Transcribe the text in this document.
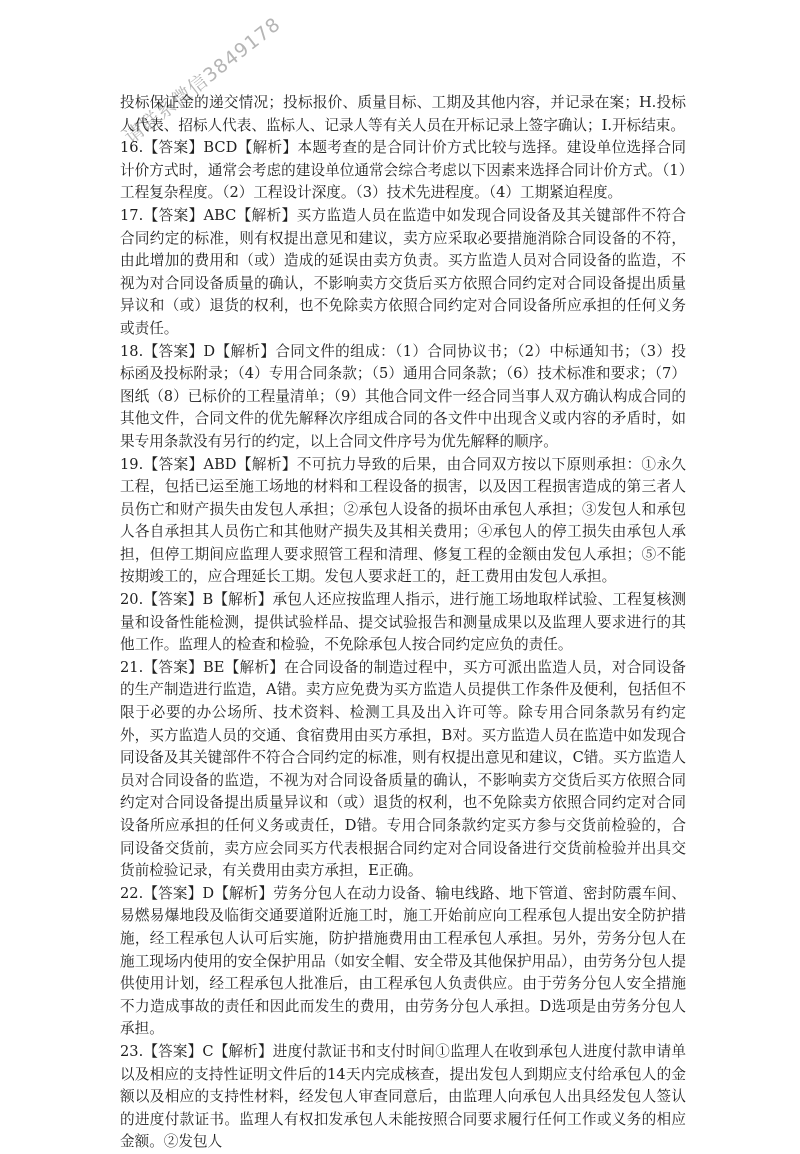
请联系微信3849178

投标保证金的递交情况；投标报价、质量目标、工期及其他内容，并记录在案；H.投标人代表、招标人代表、监标人、记录人等有关人员在开标记录上签字确认；I.开标结束。

16.【答案】BCD【解析】本题考查的是合同计价方式比较与选择。建设单位选择合同计价方式时，通常会考虑的建设单位通常会综合考虑以下因素来选择合同计价方式。（1）工程复杂程度。（2）工程设计深度。（3）技术先进程度。（4）工期紧迫程度。

17.【答案】ABC【解析】买方监造人员在监造中如发现合同设备及其关键部件不符合合同约定的标准，则有权提出意见和建议，卖方应采取必要措施消除合同设备的不符，由此增加的费用和（或）造成的延误由卖方负责。买方监造人员对合同设备的监造，不视为对合同设备质量的确认，不影响卖方交货后买方依照合同约定对合同设备提出质量异议和（或）退货的权利，也不免除卖方依照合同约定对合同设备所应承担的任何义务或责任。

18.【答案】D【解析】合同文件的组成：（1）合同协议书；（2）中标通知书；（3）投标函及投标附录；（4）专用合同条款；（5）通用合同条款；（6）技术标准和要求；（7）图纸（8）已标价的工程量清单；（9）其他合同文件一经合同当事人双方确认构成合同的其他文件，合同文件的优先解释次序组成合同的各文件中出现含义或内容的矛盾时，如果专用条款没有另行的约定，以上合同文件序号为优先解释的顺序。

19.【答案】ABD【解析】不可抗力导致的后果，由合同双方按以下原则承担：①永久工程，包括已运至施工场地的材料和工程设备的损害，以及因工程损害造成的第三者人员伤亡和财产损失由发包人承担；②承包人设备的损坏由承包人承担；③发包人和承包人各自承担其人员伤亡和其他财产损失及其相关费用；④承包人的停工损失由承包人承担，但停工期间应监理人要求照管工程和清理、修复工程的金额由发包人承担；⑤不能按期竣工的，应合理延长工期。发包人要求赶工的，赶工费用由发包人承担。

20.【答案】B【解析】承包人还应按监理人指示，进行施工场地取样试验、工程复核测量和设备性能检测，提供试验样品、提交试验报告和测量成果以及监理人要求进行的其他工作。监理人的检查和检验，不免除承包人按合同约定应负的责任。

21.【答案】BE【解析】在合同设备的制造过程中，买方可派出监造人员，对合同设备的生产制造进行监造，A错。卖方应免费为买方监造人员提供工作条件及便利，包括但不限于必要的办公场所、技术资料、检测工具及出入许可等。除专用合同条款另有约定外，买方监造人员的交通、食宿费用由买方承担，B对。买方监造人员在监造中如发现合同设备及其关键部件不符合合同约定的标准，则有权提出意见和建议，C错。买方监造人员对合同设备的监造，不视为对合同设备质量的确认，不影响卖方交货后买方依照合同约定对合同设备提出质量异议和（或）退货的权利，也不免除卖方依照合同约定对合同设备所应承担的任何义务或责任，D错。专用合同条款约定买方参与交货前检验的，合同设备交货前，卖方应会同买方代表根据合同约定对合同设备进行交货前检验并出具交货前检验记录，有关费用由卖方承担，E正确。

22.【答案】D【解析】劳务分包人在动力设备、输电线路、地下管道、密封防震车间、易燃易爆地段及临街交通要道附近施工时，施工开始前应向工程承包人提出安全防护措施，经工程承包人认可后实施，防护措施费用由工程承包人承担。另外，劳务分包人在施工现场内使用的安全保护用品（如安全帽、安全带及其他保护用品），由劳务分包人提供使用计划，经工程承包人批准后，由工程承包人负责供应。由于劳务分包人安全措施不力造成事故的责任和因此而发生的费用，由劳务分包人承担。D选项是由劳务分包人承担。

23.【答案】C【解析】进度付款证书和支付时间①监理人在收到承包人进度付款申请单以及相应的支持性证明文件后的14天内完成核查，提出发包人到期应支付给承包人的金额以及相应的支持性材料，经发包人审查同意后，由监理人向承包人出具经发包人签认的进度付款证书。监理人有权扣发承包人未能按照合同要求履行任何工作或义务的相应金额。②发包人
